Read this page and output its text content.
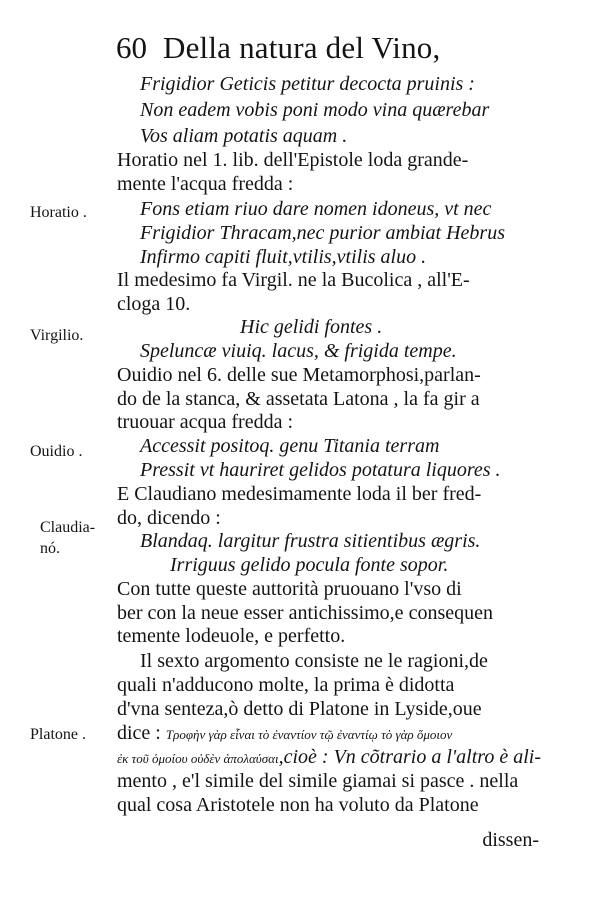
60 Della natura del Vino,
Frigidior Geticis petitur decocta pruinis :
Non eadem vobis poni modo vina quærebar
Vos aliam potatis aquam .
Horatio nel 1. lib. dell'Epistole loda grande-
mente l'acqua fredda :
Fons etiam riuo dare nomen idoneus, vt nec
Frigidior Thracam,nec purior ambiat Hebrus
Infirmo capiti fluit,vtilis,vtilis aluo .
Il medesimo fa Virgil. ne la Bucolica , all'E-
cloga 10.
Hic gelidi fontes .
Speluncæ viuiq. lacus, & frigida tempe.
Ouidio nel 6. delle sue Metamorphosi,parlan-
do de la stanca, & assetata Latona , la fa gir a
truouar acqua fredda :
Accessit positoq. genu Titania terram
Pressit vt hauriret gelidos potatura liquores .
E Claudiano medesimamente loda il ber fred-
do, dicendo :
Blandaq. largitur frustra sitientibus ægris.
Irriguus gelido pocula fonte sopor.
Con tutte queste auttorità pruouano l'vso di
ber con la neue esser antichissimo,e consequen
temente lodeuole, e perfetto.
Il sexto argomento consiste ne le ragioni,de
quali n'adducono molte, la prima è didotta
d'vna senteza,ò detto di Platone in Lyside,oue
dice : Τροφὴν γὰρ εἶναι τὸ ἐναντίον τῷ ἐναντίῳ τὸ γὰρ ὅμοιον
ἐκ τοῦ ὁμοίου οὐδὲν ἀπολαύσαι,cioè : Vn cõtrario a l'altro è ali-
mento , e'l simile del simile giamai si pasce . nella
qual cosa Aristotele non ha voluto da Platone
dissen-
Horatio .
Virgilio.
Ouidio .
Claudia-
nó.
Platone .
